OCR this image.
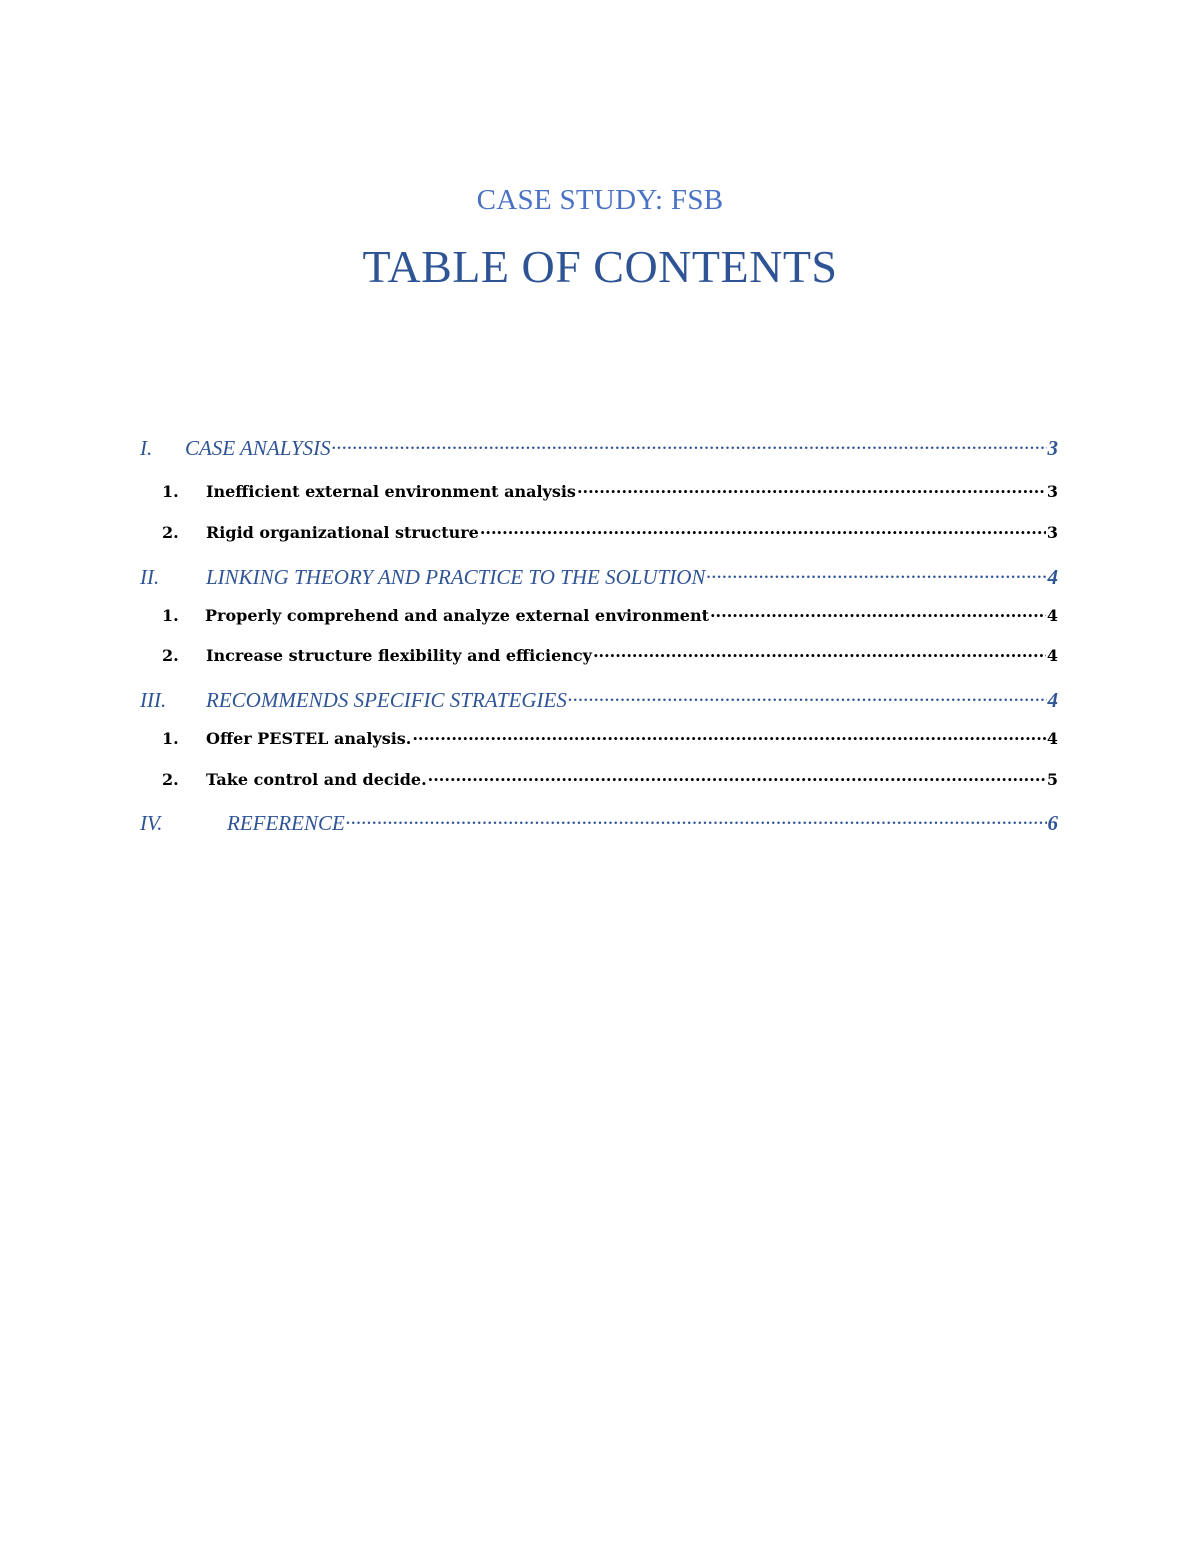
CASE STUDY: FSB
TABLE OF CONTENTS
I.	CASE ANALYSIS .....	3
1.	Inefficient external environment analysis .....	3
2.	Rigid organizational structure .....	3
II.	LINKING THEORY AND PRACTICE TO THE SOLUTION .....	4
1.	Properly comprehend and analyze external environment .....	4
2.	Increase structure flexibility and efficiency .....	4
III.	RECOMMENDS SPECIFIC STRATEGIES .....	4
1.	Offer PESTEL analysis. .....	4
2.	Take control and decide. .....	5
IV.	REFERENCE .....	6
